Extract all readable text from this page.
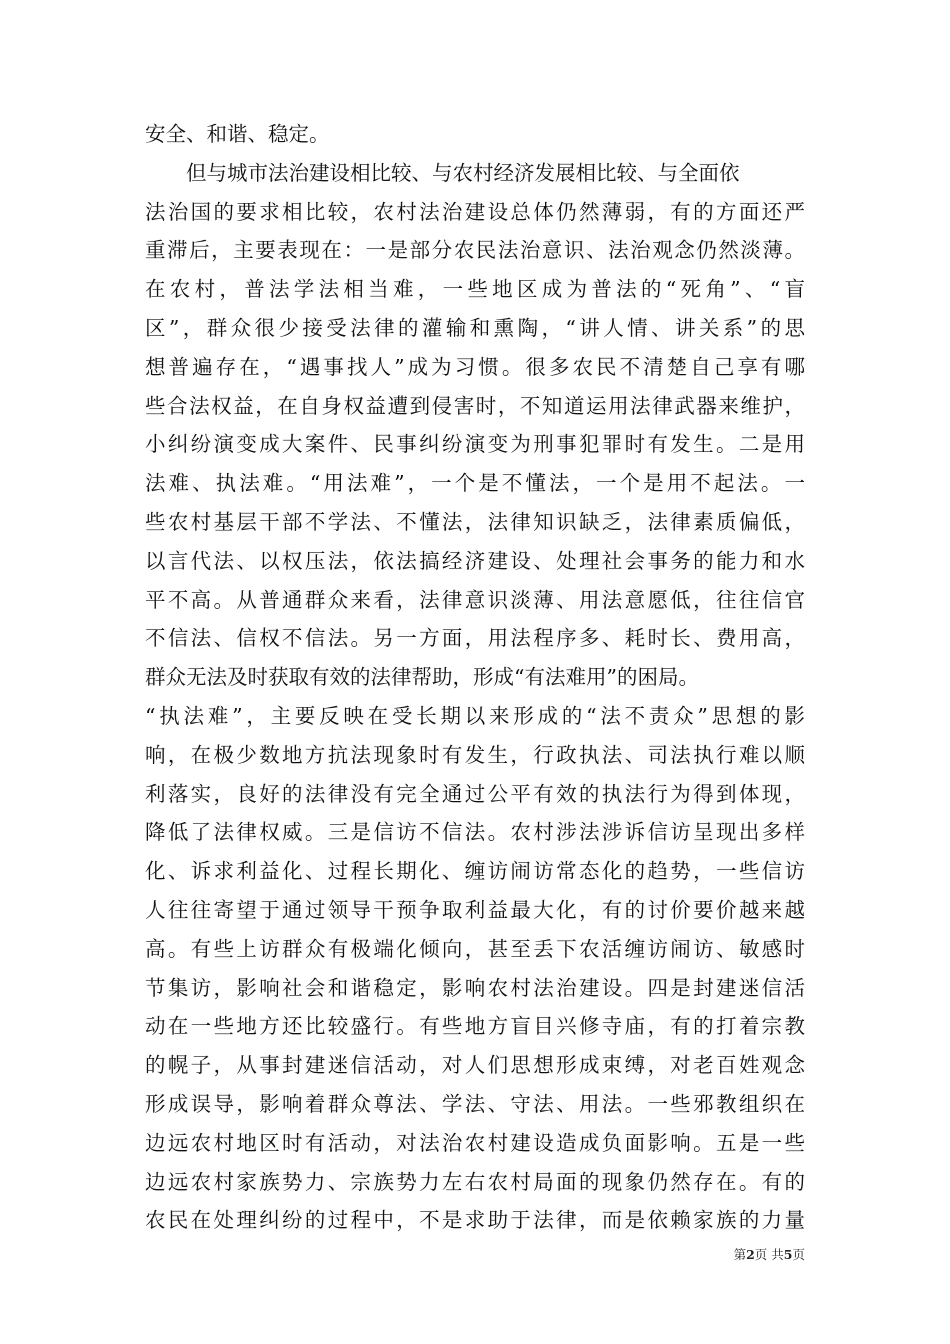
安全、和谐、稳定。
但与城市法治建设相比较、与农村经济发展相比较、与全面依
法治国的要求相比较，农村法治建设总体仍然薄弱，有的方面还严
重滞后，主要表现在：一是部分农民法治意识、法治观念仍然淡薄。
在农村，普法学法相当难，一些地区成为普法的“死角”、“盲
区”，群众很少接受法律的灌输和熏陶，“讲人情、讲关系”的思
想普遍存在，“遇事找人”成为习惯。很多农民不清楚自己享有哪
些合法权益，在自身权益遭到侵害时，不知道运用法律武器来维护，
小纠纷演变成大案件、民事纠纷演变为刑事犯罪时有发生。二是用
法难、执法难。“用法难”，一个是不懂法，一个是用不起法。一
些农村基层干部不学法、不懂法，法律知识缺乏，法律素质偏低，
以言代法、以权压法，依法搞经济建设、处理社会事务的能力和水
平不高。从普通群众来看，法律意识淡薄、用法意愿低，往往信官
不信法、信权不信法。另一方面，用法程序多、耗时长、费用高，
群众无法及时获取有效的法律帮助，形成“有法难用”的困局。
“执法难”，主要反映在受长期以来形成的“法不责众”思想的影
响，在极少数地方抗法现象时有发生，行政执法、司法执行难以顺
利落实，良好的法律没有完全通过公平有效的执法行为得到体现，
降低了法律权威。三是信访不信法。农村涉法涉诉信访呈现出多样
化、诉求利益化、过程长期化、缠访闹访常态化的趋势，一些信访
人往往寄望于通过领导干预争取利益最大化，有的讨价要价越来越
高。有些上访群众有极端化倾向，甚至丢下农活缠访闹访、敏感时
节集访，影响社会和谐稳定，影响农村法治建设。四是封建迷信活
动在一些地方还比较盛行。有些地方盲目兴修寺庙，有的打着宗教
的幌子，从事封建迷信活动，对人们思想形成束缚，对老百姓观念
形成误导，影响着群众尊法、学法、守法、用法。一些邪教组织在
边远农村地区时有活动，对法治农村建设造成负面影响。五是一些
边远农村家族势力、宗族势力左右农村局面的现象仍然存在。有的
农民在处理纠纷的过程中，不是求助于法律，而是依赖家族的力量
第2页 共5页
